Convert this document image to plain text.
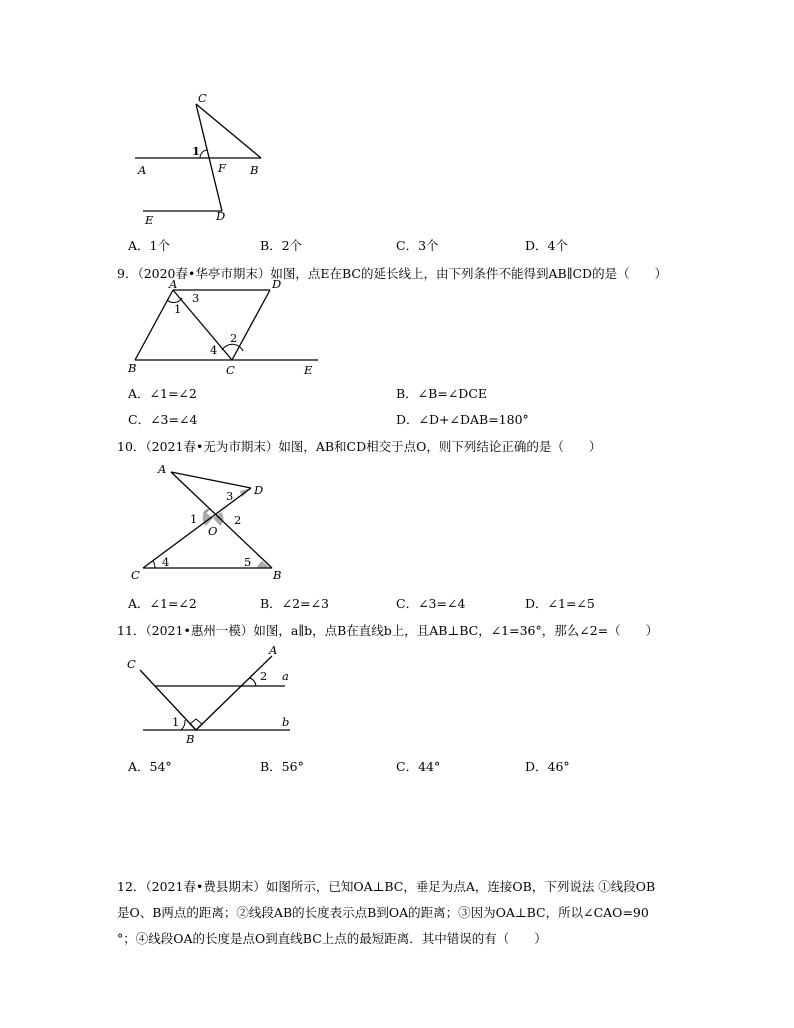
C
1
A	F B
E	D
A．1个	B．2个	C．3个	D．4个
9．（2020春•华亭市期末）如图，点E在BC的延长线上，由下列条件不能得到AB∥CD的是（　　）
A	D
3
1
2
4
B	C	E
A．∠1=∠2	B．∠B=∠DCE
C．∠3=∠4	D．∠D+∠DAB=180°
10．（2021春•无为市期末）如图，AB和CD相交于点O，则下列结论正确的是（　　）
A
D
3
1	2
O
4	5
C	B
A．∠1=∠2	B．∠2=∠3	C．∠3=∠4	D．∠1=∠5
11．（2021•惠州一模）如图，a∥b，点B在直线b上，且AB⊥BC，∠1=36°，那么∠2=（　　）
C
A
2 a
1	b
B
A．54°	B．56°	C．44°	D．46°
12．（2021春•费县期末）如图所示，已知OA⊥BC，垂足为点A，连接OB，下列说法 ①线段OB
是O、B两点的距离；②线段AB的长度表示点B到OA的距离；③因为OA⊥BC，所以∠CAO=90
°；④线段OA的长度是点O到直线BC上点的最短距离．其中错误的有（　　）
